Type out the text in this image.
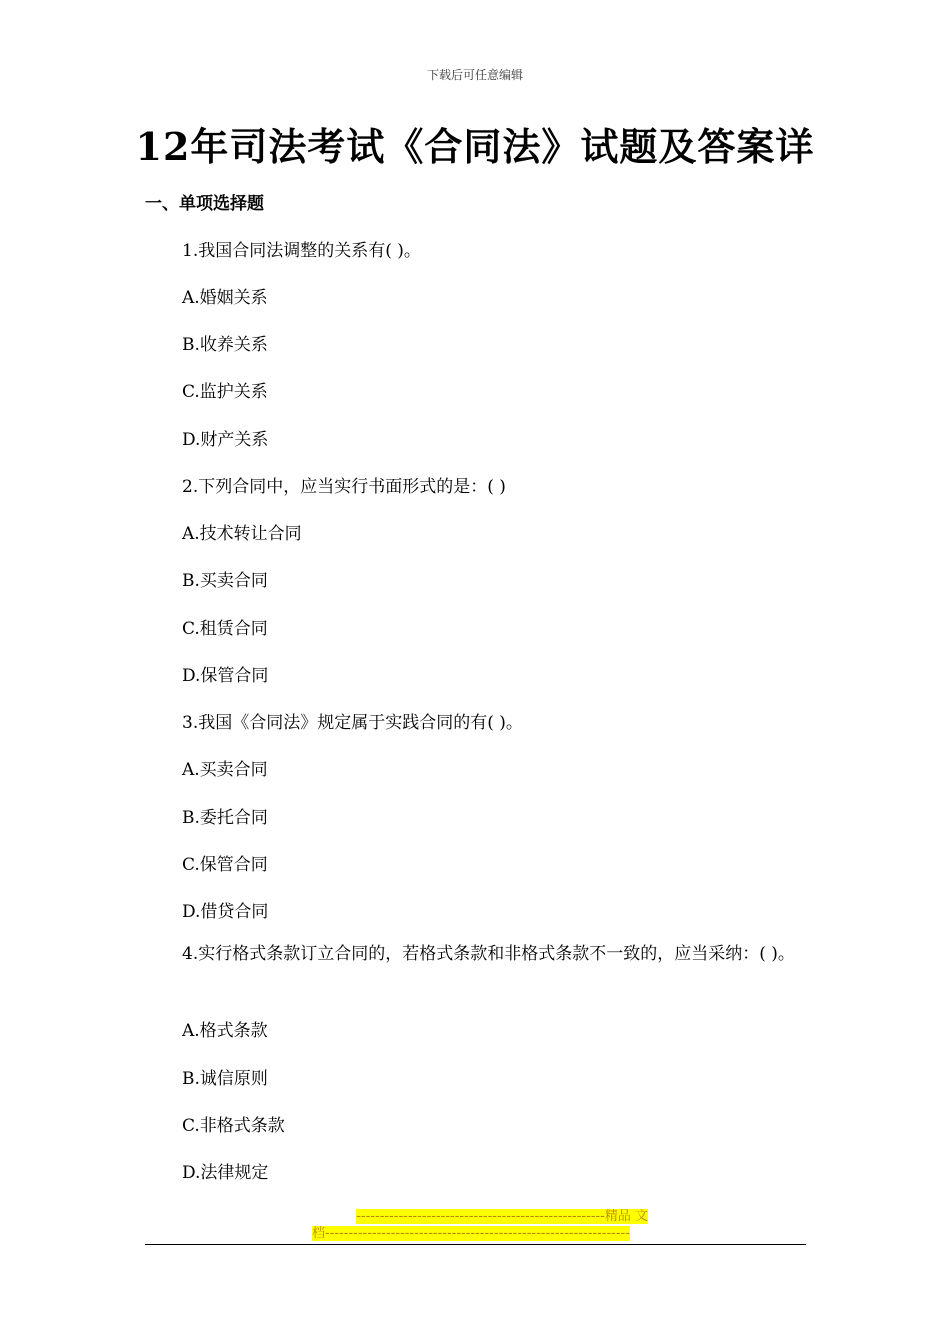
下载后可任意编辑
12年司法考试《合同法》试题及答案详
一、单项选择题
1.我国合同法调整的关系有( )。
A.婚姻关系
B.收养关系
C.监护关系
D.财产关系
2.下列合同中，应当实行书面形式的是：( )
A.技术转让合同
B.买卖合同
C.租赁合同
D.保管合同
3.我国《合同法》规定属于实践合同的有( )。
A.买卖合同
B.委托合同
C.保管合同
D.借贷合同
4.实行格式条款订立合同的，若格式条款和非格式条款不一致的，应当采纳：( )。
A.格式条款
B.诚信原则
C.非格式条款
D.法律规定
-----------------------------------------------------精品 文
档-----------------------------------------------------------------
